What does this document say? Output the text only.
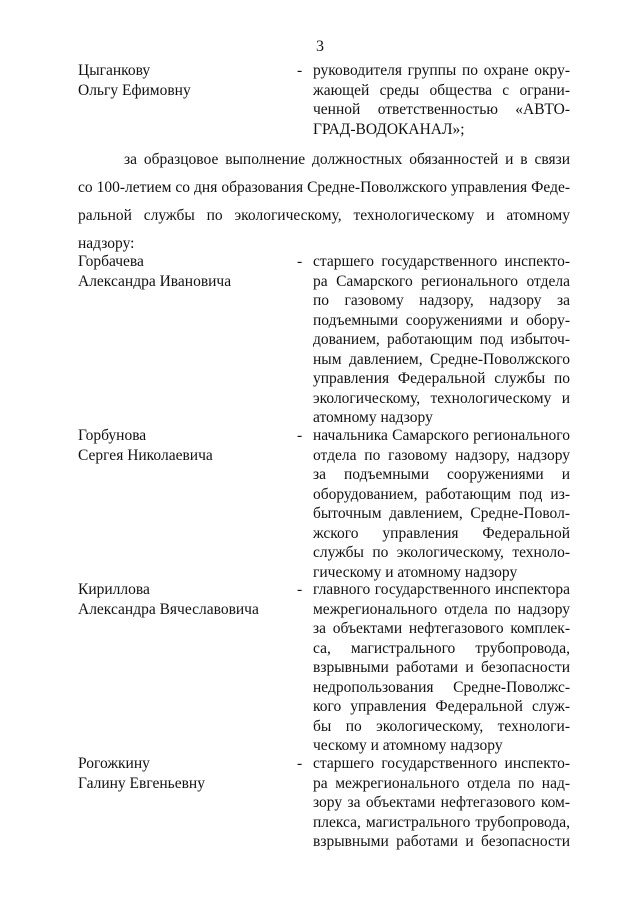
3
Цыганкову
Ольгу Ефимовну
- руководителя группы по охране окру-
жающей среды общества с ограни-
ченной ответственностью «АВТО-
ГРАД-ВОДОКАНАЛ»;
за образцовое выполнение должностных обязанностей и в связи
со 100-летием со дня образования Средне-Поволжского управления Феде-
ральной службы по экологическому, технологическому и атомному
надзору:
Горбачева
Александра Ивановича
- старшего государственного инспекто-
ра Самарского регионального отдела
по газовому надзору, надзору за
подъемными сооружениями и обору-
дованием, работающим под избыточ-
ным давлением, Средне-Поволжского
управления Федеральной службы по
экологическому, технологическому и
атомному надзору
Горбунова
Сергея Николаевича
- начальника Самарского регионального
отдела по газовому надзору, надзору
за подъемными сооружениями и
оборудованием, работающим под из-
быточным давлением, Средне-Повол-
жского управления Федеральной
службы по экологическому, техноло-
гическому и атомному надзору
Кириллова
Александра Вячеславовича
- главного государственного инспектора
межрегионального отдела по надзору
за объектами нефтегазового комплек-
са, магистрального трубопровода,
взрывными работами и безопасности
недропользования Средне-Поволжс-
кого управления Федеральной служ-
бы по экологическому, технологи-
ческому и атомному надзору
Рогожкину
Галину Евгеньевну
- старшего государственного инспекто-
ра межрегионального отдела по над-
зору за объектами нефтегазового ком-
плекса, магистрального трубопровода,
взрывными работами и безопасности
